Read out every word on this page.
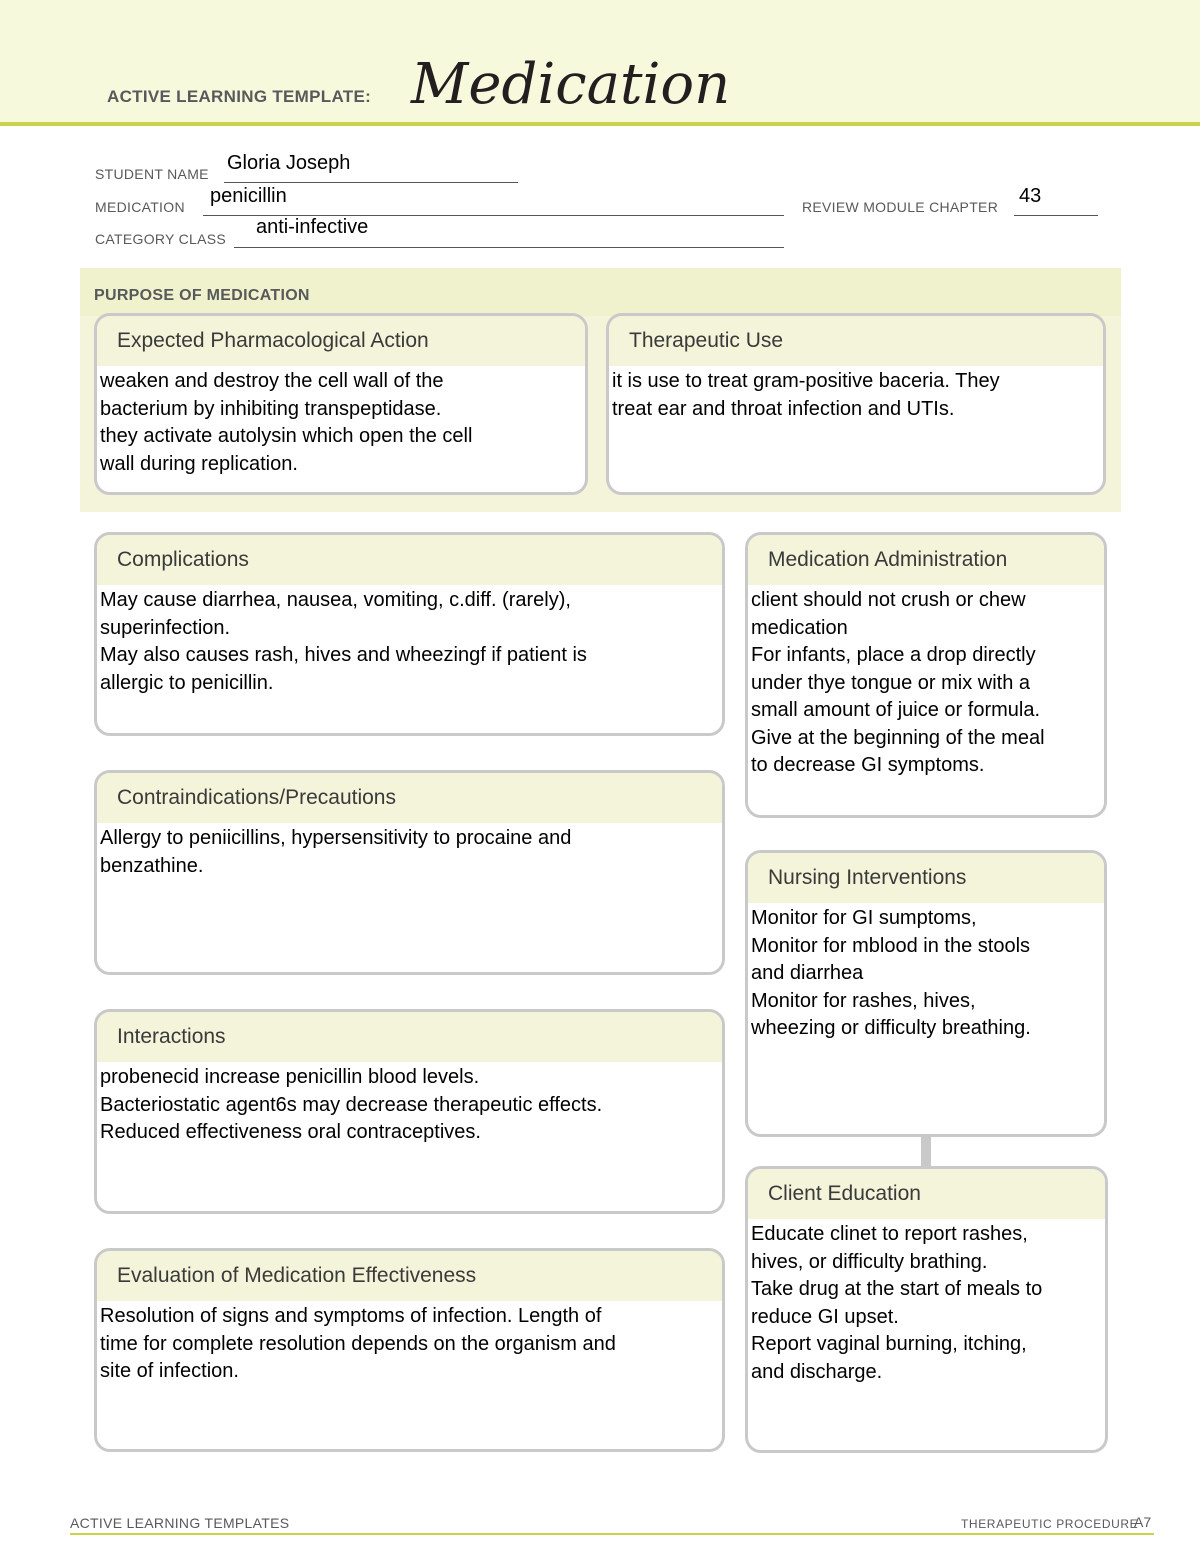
ACTIVE LEARNING TEMPLATE: Medication
STUDENT NAME Gloria Joseph
MEDICATION penicillin	REVIEW MODULE CHAPTER 43
CATEGORY CLASS
anti-infective
PURPOSE OF MEDICATION
Expected Pharmacological Action
weaken and destroy the cell wall of the
bacterium by inhibiting transpeptidase.
they activate autolysin which open the cell
wall during replication.
Therapeutic Use
it is use to treat gram-positive baceria. They
treat ear and throat infection and UTIs.
Complications
May cause diarrhea, nausea, vomiting, c.diff. (rarely),
superinfection.
May also causes rash, hives and wheezingf if patient is
allergic to penicillin.
Contraindications/Precautions
Allergy to peniicillins, hypersensitivity to procaine and
benzathine.
Interactions
probenecid increase penicillin blood levels.
Bacteriostatic agent6s may decrease therapeutic effects.
Reduced effectiveness oral contraceptives.
Evaluation of Medication Effectiveness
Resolution of signs and symptoms of infection. Length of
time for complete resolution depends on the organism and
site of infection.
Medication Administration
client should not crush or chew
medication
For infants, place a drop directly
under thye tongue or mix with a
small amount of juice or formula.
Give at the beginning of the meal
to decrease GI symptoms.
Nursing Interventions
Monitor for GI sumptoms,
Monitor for mblood in the stools
and diarrhea
Monitor for rashes, hives,
wheezing or difficulty breathing.
Client Education
Educate clinet to report rashes,
hives, or difficulty brathing.
Take drug at the start of meals to
reduce GI upset.
Report vaginal burning, itching,
and discharge.
ACTIVE LEARNING TEMPLATES	THERAPEUTIC PROCEDURE
A7
